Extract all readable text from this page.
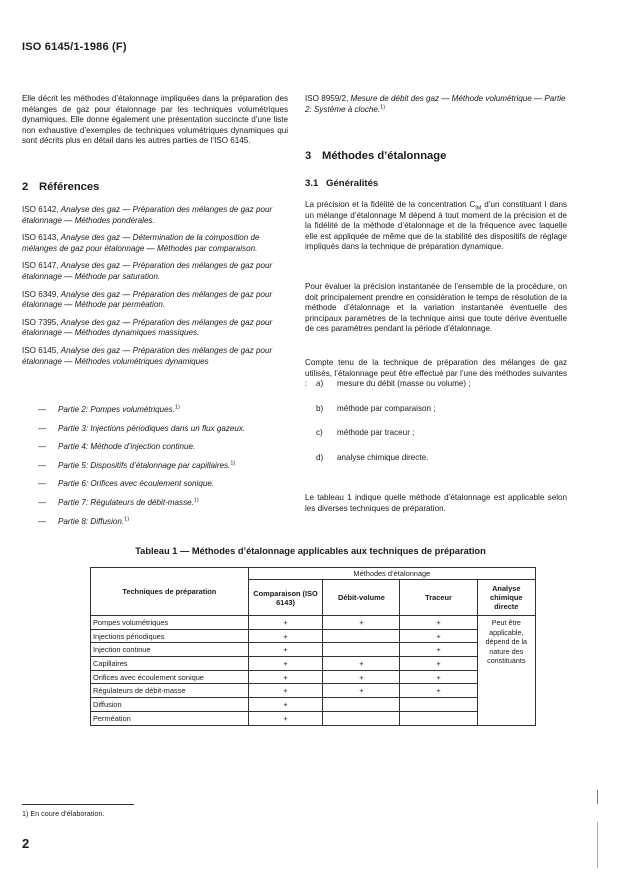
ISO 6145/1-1986 (F)

Elle décrit les méthodes d’étalonnage impliquées dans la préparation des mélanges de gaz pour étalonnage par les techniques volumétriques dynamiques. Elle donne également une présentation succincte d’une liste non exhaustive d’exemples de techniques volumétriques dynamiques qui sont décrits plus en détail dans les autres parties de l’ISO 6145.

2 Références

ISO 6142, Analyse des gaz — Préparation des mélanges de gaz pour étalonnage — Méthodes pondérales.

ISO 6143, Analyse des gaz — Détermination de la composition de mélanges de gaz pour étalonnage — Méthodes par comparaison.

ISO 6147, Analyse des gaz — Préparation des mélanges de gaz pour étalonnage — Méthode par saturation.

ISO 6349, Analyse des gaz — Préparation des mélanges de gaz pour étalonnage — Méthode par perméation.

ISO 7395, Analyse des gaz — Préparation des mélanges de gaz pour étalonnage — Méthodes dynamiques massiques.

ISO 6145, Analyse des gaz — Préparation des mélanges de gaz pour étalonnage — Méthodes volumétriques dynamiques

— Partie 2: Pompes volumétriques.$^{1)}$
— Partie 3: Injections périodiques dans un flux gazeux.
— Partie 4: Méthode d’injection continue.
— Partie 5: Dispositifs d’étalonnage par capillaires.$^{1)}$
— Partie 6: Orifices avec écoulement sonique.
— Partie 7: Régulateurs de débit-masse.$^{1)}$
— Partie 8: Diffusion.$^{1)}$

ISO 8959/2, Mesure de débit des gaz — Méthode volumétrique — Partie 2: Système à cloche.$^{1)}$

3 Méthodes d’étalonnage
3.1 Généralités

La précision et la fidélité de la concentration $C_{IM}$ d’un constituant I dans un mélange d’étalonnage M dépend à tout moment de la précision et de la fidélité de la méthode d’étalonnage et de la fréquence avec laquelle elle est appliquée de même que de la stabilité des dispositifs de réglage impliqués dans la technique de préparation dynamique.

Pour évaluer la précision instantanée de l’ensemble de la procédure, on doit principalement prendre en considération le temps de résolution de la méthode d’étalonnage et la variation instantanée éventuelle des principaux paramètres de la technique ainsi que toute dérive éventuelle de ces paramètres pendant la période d’étalonnage.

Compte tenu de la technique de préparation des mélanges de gaz utilisés, l’étalonnage peut être effectué par l’une des méthodes suivantes :	a) mesure du débit (masse ou volume) ;
b) méthode par comparaison ;
c) méthode par traceur ;
d) analyse chimique directe.

Le tableau 1 indique quelle méthode d’étalonnage est applicable selon les diverses techniques de préparation.

Tableau 1 — Méthodes d’étalonnage applicables aux techniques de préparation
Techniques de préparation	Méthodes d’étalonnage			
	Comparaison (ISO 6143)	Débit-volume	Traceur	Analyse chimique directe
Pompes volumétriques	+	+	+	Peut être applicable, dépend de la nature des constituants
Injections périodiques	+		+	
Injection continue	+		+	
Capillaires	+	+	+	
Orifices avec écoulement sonique	+	+	+	
Régulateurs de débit-masse	+	+	+	
Diffusion	+			
Perméation	+			
1) En coure d’élaboration.
2
